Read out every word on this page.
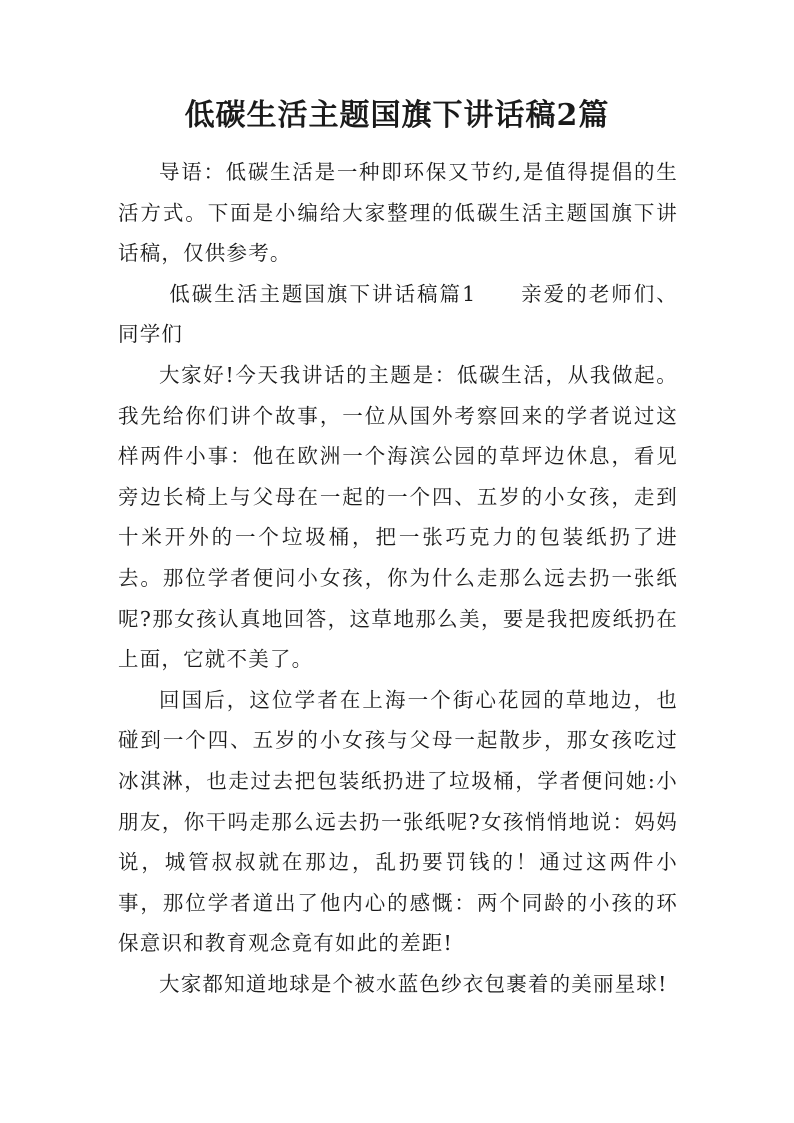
低碳生活主题国旗下讲话稿2篇

导语：低碳生活是一种即环保又节约,是值得提倡的生活方式。下面是小编给大家整理的低碳生活主题国旗下讲话稿，仅供参考。

低碳生活主题国旗下讲话稿篇1 亲爱的老师们、同学们

大家好!今天我讲话的主题是：低碳生活，从我做起。我先给你们讲个故事，一位从国外考察回来的学者说过这样两件小事：他在欧洲一个海滨公园的草坪边休息，看见旁边长椅上与父母在一起的一个四、五岁的小女孩，走到十米开外的一个垃圾桶，把一张巧克力的包装纸扔了进去。那位学者便问小女孩，你为什么走那么远去扔一张纸呢?那女孩认真地回答，这草地那么美，要是我把废纸扔在上面，它就不美了。

回国后，这位学者在上海一个街心花园的草地边，也碰到一个四、五岁的小女孩与父母一起散步，那女孩吃过冰淇淋，也走过去把包装纸扔进了垃圾桶，学者便问她:小朋友，你干吗走那么远去扔一张纸呢?女孩悄悄地说：妈妈说，城管叔叔就在那边，乱扔要罚钱的！通过这两件小事，那位学者道出了他内心的感慨：两个同龄的小孩的环保意识和教育观念竟有如此的差距!

大家都知道地球是个被水蓝色纱衣包裹着的美丽星球!
